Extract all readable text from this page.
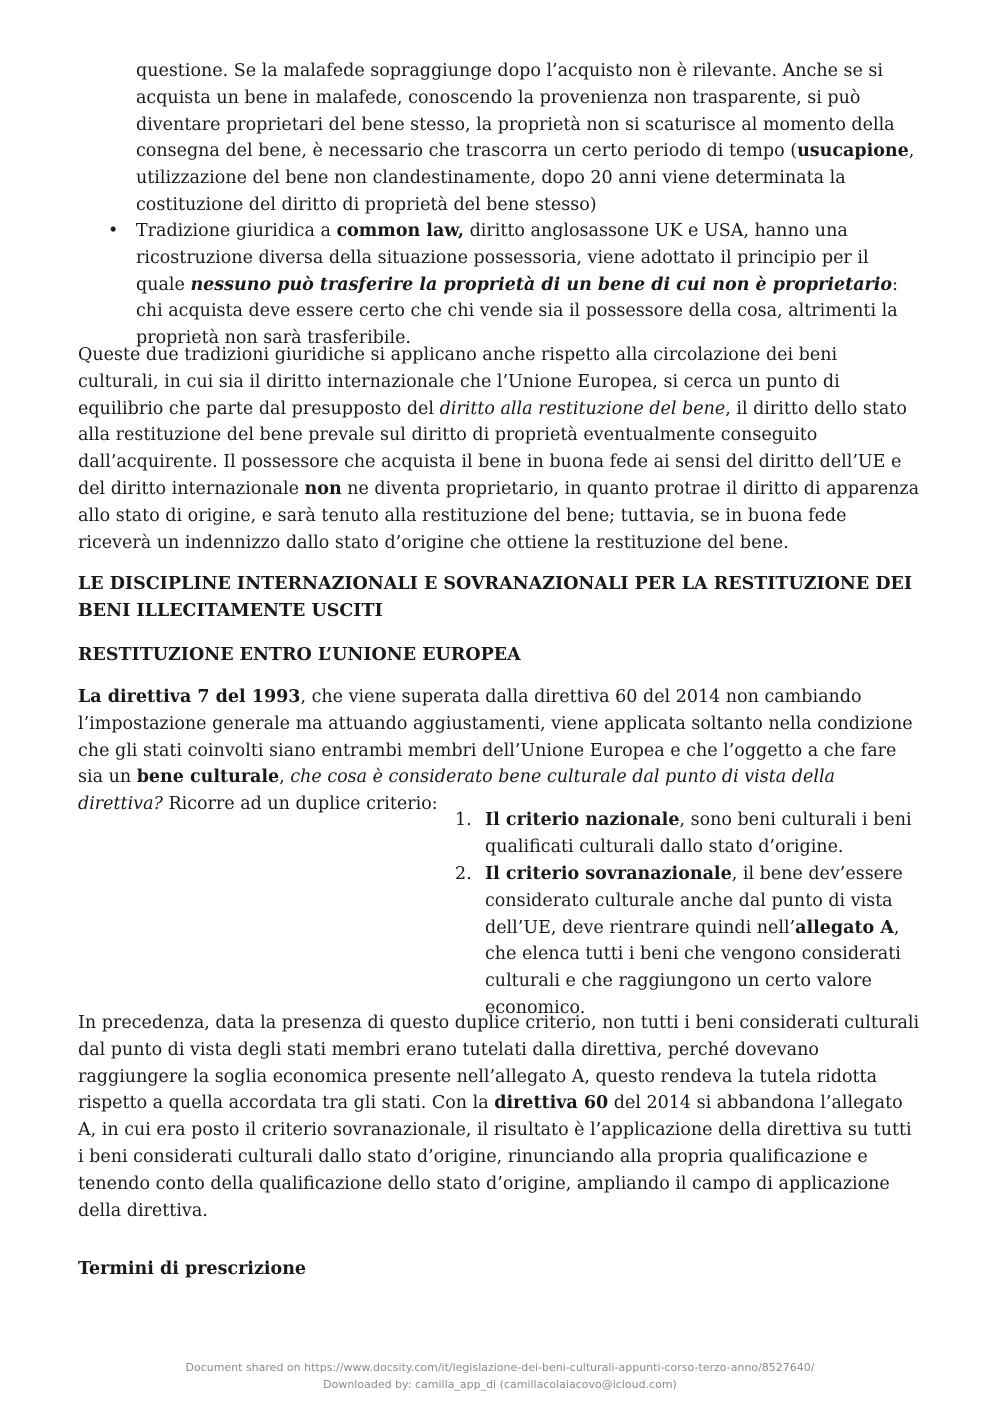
questione. Se la malafede sopraggiunge dopo l’acquisto non è rilevante. Anche se si acquista un bene in malafede, conoscendo la provenienza non trasparente, si può diventare proprietari del bene stesso, la proprietà non si scaturisce al momento della consegna del bene, è necessario che trascorra un certo periodo di tempo (usucapione, utilizzazione del bene non clandestinamente, dopo 20 anni viene determinata la costituzione del diritto di proprietà del bene stesso)

•	Tradizione giuridica a common law, diritto anglosassone UK e USA, hanno una ricostruzione diversa della situazione possessoria, viene adottato il principio per il quale nessuno può trasferire la proprietà di un bene di cui non è proprietario: chi acquista deve essere certo che chi vende sia il possessore della cosa, altrimenti la proprietà non sarà trasferibile.

Queste due tradizioni giuridiche si applicano anche rispetto alla circolazione dei beni culturali, in cui sia il diritto internazionale che l’Unione Europea, si cerca un punto di equilibrio che parte dal presupposto del diritto alla restituzione del bene, il diritto dello stato alla restituzione del bene prevale sul diritto di proprietà eventualmente conseguito dall’acquirente. Il possessore che acquista il bene in buona fede ai sensi del diritto dell’UE e del diritto internazionale non ne diventa proprietario, in quanto protrae il diritto di apparenza allo stato di origine, e sarà tenuto alla restituzione del bene; tuttavia, se in buona fede riceverà un indennizzo dallo stato d’origine che ottiene la restituzione del bene.

LE DISCIPLINE INTERNAZIONALI E SOVRANAZIONALI PER LA RESTITUZIONE DEI BENI ILLECITAMENTE USCITI

RESTITUZIONE ENTRO L’UNIONE EUROPEA

La direttiva 7 del 1993, che viene superata dalla direttiva 60 del 2014 non cambiando l’impostazione generale ma attuando aggiustamenti, viene applicata soltanto nella condizione che gli stati coinvolti siano entrambi membri dell’Unione Europea e che l’oggetto a che fare sia un bene culturale, che cosa è considerato bene culturale dal punto di vista della direttiva? Ricorre ad un duplice criterio:

1. Il criterio nazionale, sono beni culturali i beni qualificati culturali dallo stato d’origine.

2. Il criterio sovranazionale, il bene dev’essere considerato culturale anche dal punto di vista dell’UE, deve rientrare quindi nell’allegato A, che elenca tutti i beni che vengono considerati culturali e che raggiungono un certo valore economico.

In precedenza, data la presenza di questo duplice criterio, non tutti i beni considerati culturali dal punto di vista degli stati membri erano tutelati dalla direttiva, perché dovevano raggiungere la soglia economica presente nell’allegato A, questo rendeva la tutela ridotta rispetto a quella accordata tra gli stati. Con la direttiva 60 del 2014 si abbandona l’allegato A, in cui era posto il criterio sovranazionale, il risultato è l’applicazione della direttiva su tutti i beni considerati culturali dallo stato d’origine, rinunciando alla propria qualificazione e tenendo conto della qualificazione dello stato d’origine, ampliando il campo di applicazione della direttiva.

Termini di prescrizione

Document shared on https://www.docsity.com/it/legislazione-dei-beni-culturali-appunti-corso-terzo-anno/8527640/
Downloaded by: camilla_app_di (camillacolaiacovo@icloud.com)
